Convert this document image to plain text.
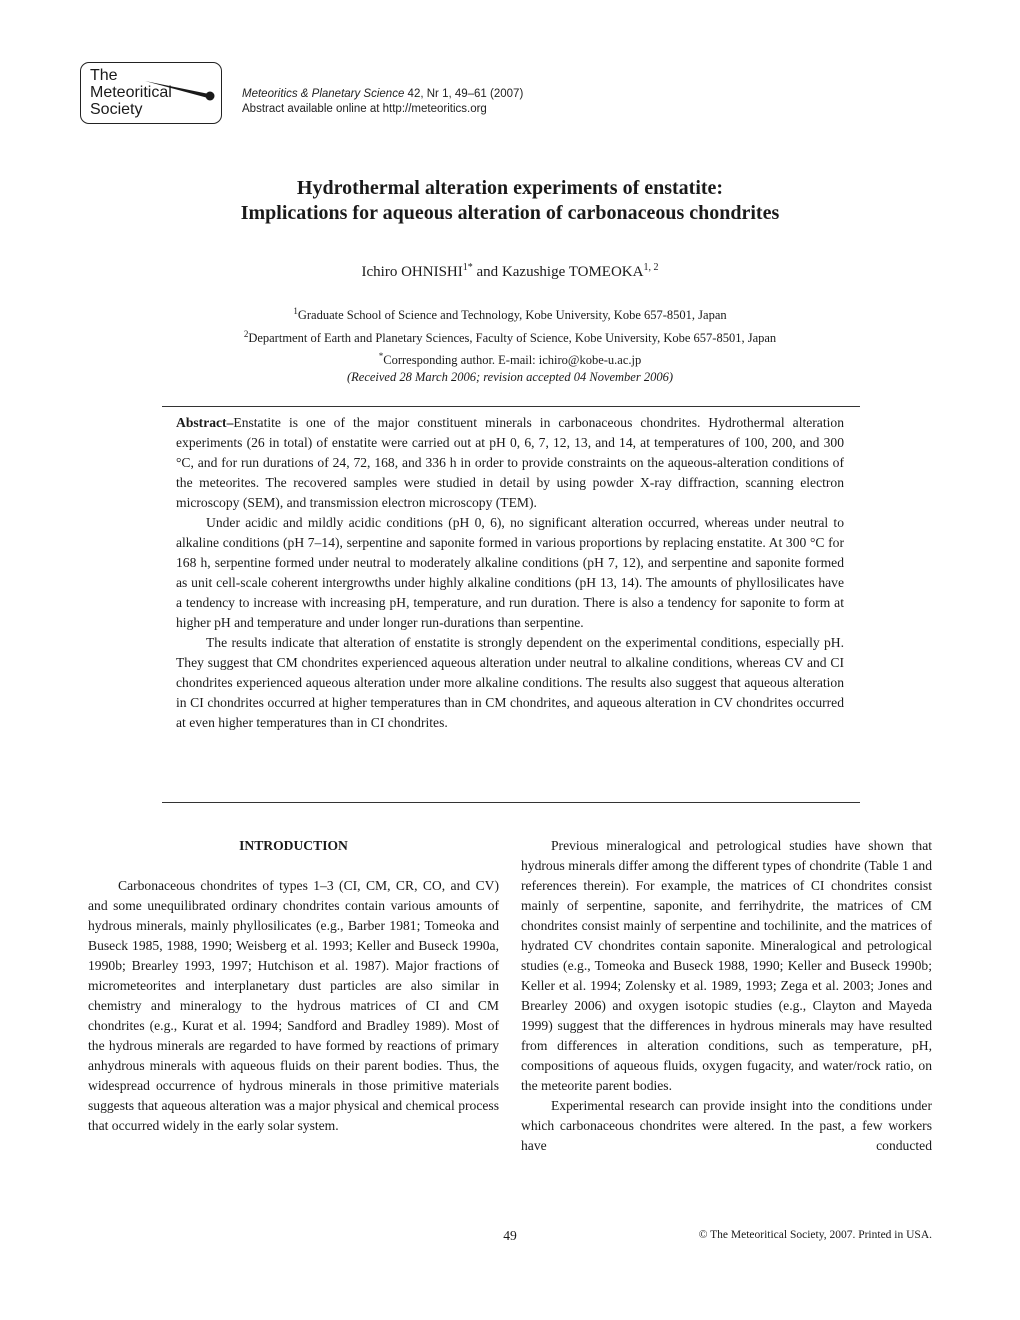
The
Meteoritical
Society
Meteoritics & Planetary Science 42, Nr 1, 49–61 (2007)
Abstract available online at http://meteoritics.org
Hydrothermal alteration experiments of enstatite:
Implications for aqueous alteration of carbonaceous chondrites
Ichiro $OHNISHI^{1*}$ and Kazushige TOMEOKA$^{1, 2}$
$^1$Graduate School of Science and Technology, Kobe University, Kobe 657-8501, Japan
$^2$Department of Earth and Planetary Sciences, Faculty of Science, Kobe University, Kobe 657-8501, Japan
*Corresponding author. E-mail: ichiro@kobe-u.ac.jp
(Received 28 March 2006; revision accepted 04 November 2006)

Abstract–Enstatite is one of the major constituent minerals in carbonaceous chondrites. Hydrothermal alteration experiments (26 in total) of enstatite were carried out at pH 0, 6, 7, 12, 13, and 14, at temperatures of 100, 200, and 300 °C, and for run durations of 24, 72, 168, and 336 h in order to provide constraints on the aqueous-alteration conditions of the meteorites. The recovered samples were studied in detail by using powder X-ray diffraction, scanning electron microscopy (SEM), and transmission electron microscopy (TEM).

Under acidic and mildly acidic conditions (pH 0, 6), no significant alteration occurred, whereas under neutral to alkaline conditions (pH 7–14), serpentine and saponite formed in various proportions by replacing enstatite. At 300 °C for 168 h, serpentine formed under neutral to moderately alkaline conditions (pH 7, 12), and serpentine and saponite formed as unit cell-scale coherent intergrowths under highly alkaline conditions (pH 13, 14). The amounts of phyllosilicates have a tendency to increase with increasing pH, temperature, and run duration. There is also a tendency for saponite to form at higher pH and temperature and under longer run-durations than serpentine.

The results indicate that alteration of enstatite is strongly dependent on the experimental conditions, especially pH. They suggest that CM chondrites experienced aqueous alteration under neutral to alkaline conditions, whereas CV and CI chondrites experienced aqueous alteration under more alkaline conditions. The results also suggest that aqueous alteration in CI chondrites occurred at higher temperatures than in CM chondrites, and aqueous alteration in CV chondrites occurred at even higher temperatures than in CI chondrites.

INTRODUCTION

Carbonaceous chondrites of types 1–3 (CI, CM, CR, CO, and CV) and some unequilibrated ordinary chondrites contain various amounts of hydrous minerals, mainly phyllosilicates (e.g., Barber 1981; Tomeoka and Buseck 1985, 1988, 1990; Weisberg et al. 1993; Keller and Buseck 1990a, 1990b; Brearley 1993, 1997; Hutchison et al. 1987). Major fractions of micrometeorites and interplanetary dust particles are also similar in chemistry and mineralogy to the hydrous matrices of CI and CM chondrites (e.g., Kurat et al. 1994; Sandford and Bradley 1989). Most of the hydrous minerals are regarded to have formed by reactions of primary anhydrous minerals with aqueous fluids on their parent bodies. Thus, the widespread occurrence of hydrous minerals in those primitive materials suggests that aqueous alteration was a major physical and chemical process that occurred widely in the early solar system.

Previous mineralogical and petrological studies have shown that hydrous minerals differ among the different types of chondrite (Table 1 and references therein). For example, the matrices of CI chondrites consist mainly of serpentine, saponite, and ferrihydrite, the matrices of CM chondrites consist mainly of serpentine and tochilinite, and the matrices of hydrated CV chondrites contain saponite. Mineralogical and petrological studies (e.g., Tomeoka and Buseck 1988, 1990; Keller and Buseck 1990b; Keller et al. 1994; Zolensky et al. 1989, 1993; Zega et al. 2003; Jones and Brearley 2006) and oxygen isotopic studies (e.g., Clayton and Mayeda 1999) suggest that the differences in hydrous minerals may have resulted from differences in alteration conditions, such as temperature, pH, compositions of aqueous fluids, oxygen fugacity, and water/rock ratio, on the meteorite parent bodies.

Experimental research can provide insight into the conditions under which carbonaceous chondrites were altered. In the past, a few workers have conducted

49	© The Meteoritical Society, 2007. Printed in USA.
